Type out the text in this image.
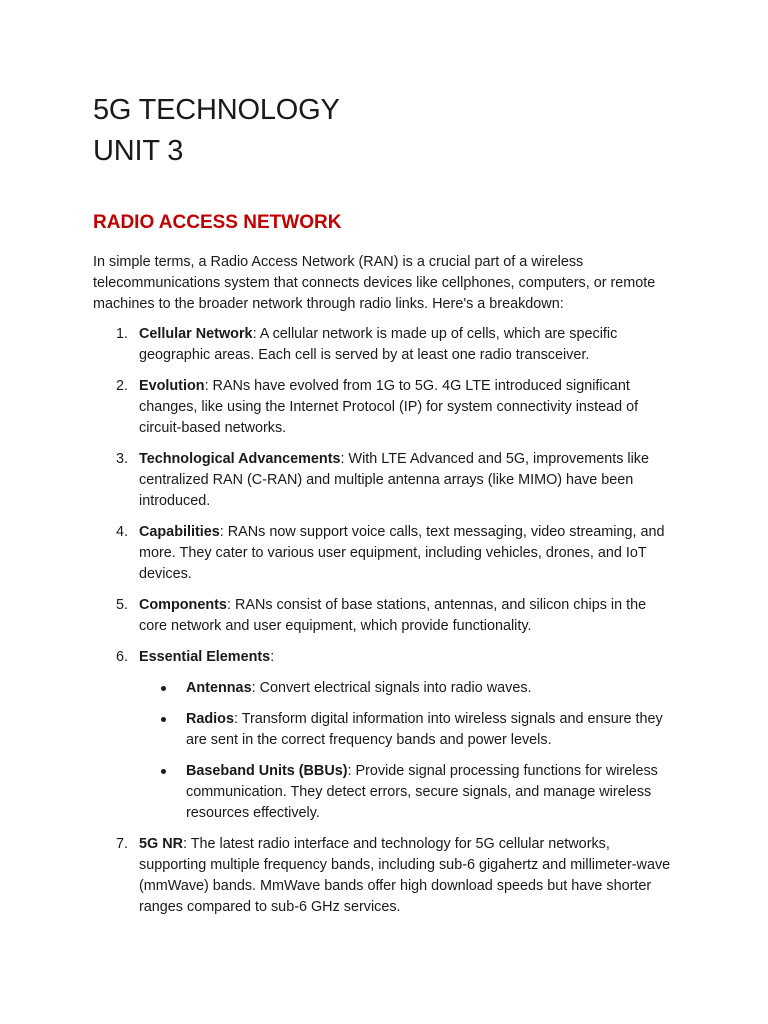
5G TECHNOLOGY
UNIT 3
RADIO ACCESS NETWORK

In simple terms, a Radio Access Network (RAN) is a crucial part of a wireless telecommunications system that connects devices like cellphones, computers, or remote machines to the broader network through radio links. Here's a breakdown:

1. Cellular Network: A cellular network is made up of cells, which are specific geographic areas. Each cell is served by at least one radio transceiver.
2. Evolution: RANs have evolved from 1G to 5G. 4G LTE introduced significant changes, like using the Internet Protocol (IP) for system connectivity instead of circuit-based networks.
3. Technological Advancements: With LTE Advanced and 5G, improvements like centralized RAN (C-RAN) and multiple antenna arrays (like MIMO) have been introduced.
4. Capabilities: RANs now support voice calls, text messaging, video streaming, and more. They cater to various user equipment, including vehicles, drones, and IoT devices.
5. Components: RANs consist of base stations, antennas, and silicon chips in the core network and user equipment, which provide functionality.
6. Essential Elements:
Antennas: Convert electrical signals into radio waves.
Radios: Transform digital information into wireless signals and ensure they are sent in the correct frequency bands and power levels.
Baseband Units (BBUs): Provide signal processing functions for wireless communication. They detect errors, secure signals, and manage wireless resources effectively.
7. 5G NR: The latest radio interface and technology for 5G cellular networks, supporting multiple frequency bands, including sub-6 gigahertz and millimeter-wave (mmWave) bands. MmWave bands offer high download speeds but have shorter ranges compared to sub-6 GHz services.
